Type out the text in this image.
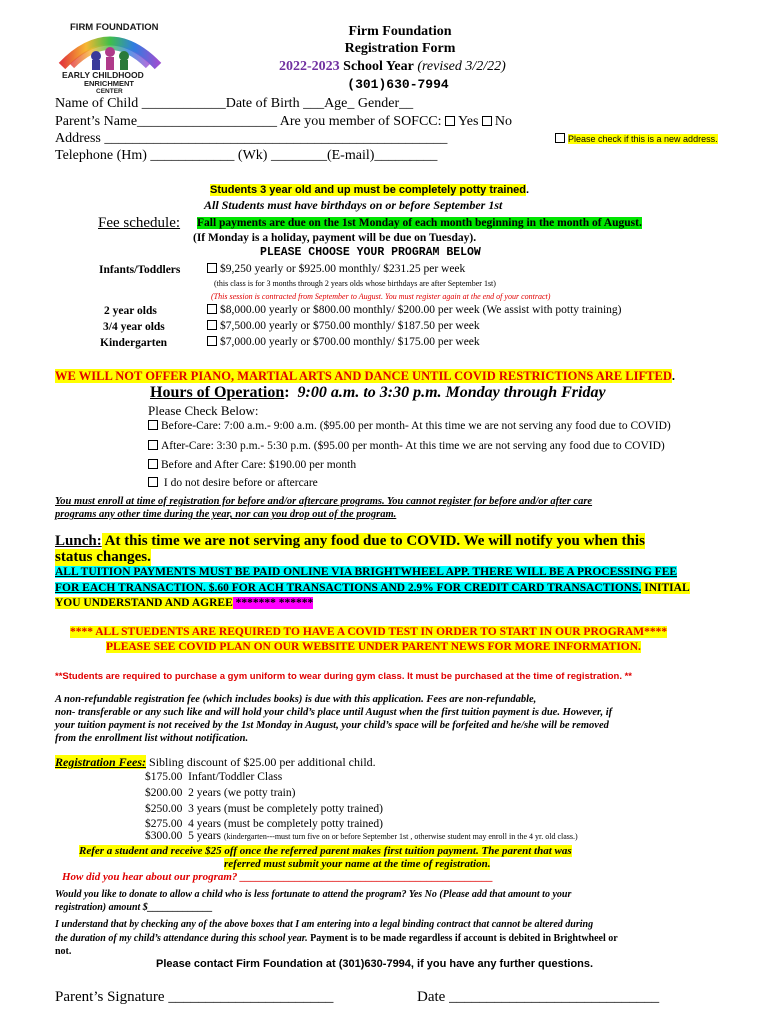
FIRM FOUNDATION
EARLY CHILDHOOD
ENRICHMENT
CENTER
Firm Foundation
Registration Form
2022-2023 School Year (revised 3/2/22)
(301)630-7994
Name of Child ____________Date of Birth ___Age_ Gender__
Parent’s Name____________________ Are you member of SOFCC: Yes No
Address _________________________________________________	Please check if this is a new address.
Telephone (Hm) ____________ (Wk) ________(E-mail)_________
Students 3 year old and up must be completely potty trained.
All Students must have birthdays on or before September 1st
Fee schedule: Fall payments are due on the 1st Monday of each month beginning in the month of August.
(If Monday is a holiday, payment will be due on Tuesday).
PLEASE CHOOSE YOUR PROGRAM BELOW
Infants/Toddlers	$9,250 yearly or $925.00 monthly/ $231.25 per week
(this class is for 3 months through 2 years olds whose birthdays are after September 1st)
(This session is contracted from September to August. You must register again at the end of your contract)
2 year olds	$8,000.00 yearly or $800.00 monthly/ $200.00 per week (We assist with potty training)
3/4 year olds	$7,500.00 yearly or $750.00 monthly/ $187.50 per week
Kindergarten	$7,000.00 yearly or $700.00 monthly/ $175.00 per week
WE WILL NOT OFFER PIANO, MARTIAL ARTS AND DANCE UNTIL COVID RESTRICTIONS ARE LIFTED.
Hours of Operation: 9:00 a.m. to 3:30 p.m. Monday through Friday
Please Check Below:
Before-Care: 7:00 a.m.- 9:00 a.m. ($95.00 per month- At this time we are not serving any food due to COVID)
After-Care: 3:30 p.m.- 5:30 p.m. ($95.00 per month- At this time we are not serving any food due to COVID)
Before and After Care: $190.00 per month
I do not desire before or aftercare
You must enroll at time of registration for before and/or aftercare programs. You cannot register for before and/or after care
programs any other time during the year, nor can you drop out of the program.
Lunch: At this time we are not serving any food due to COVID. We will notify you when this
status changes.
ALL TUITION PAYMENTS MUST BE PAID ONLINE VIA BRIGHTWHEEL APP. THERE WILL BE A PROCESSING FEE
FOR EACH TRANSACTION. $.60 FOR ACH TRANSACTIONS AND 2.9% FOR CREDIT CARD TRANSACTIONS. INITIAL
YOU UNDERSTAND AND AGREE ******* ******
**** ALL STUEDENTS ARE REQUIRED TO HAVE A COVID TEST IN ORDER TO START IN OUR PROGRAM****
PLEASE SEE COVID PLAN ON OUR WEBSITE UNDER PARENT NEWS FOR MORE INFORMATION.
**Students are required to purchase a gym uniform to wear during gym class. It must be purchased at the time of registration. **
A non-refundable registration fee (which includes books) is due with this application. Fees are non-refundable,
non- transferable or any such like and will hold your child’s place until August when the first tuition payment is due. However, if
your tuition payment is not received by the 1st Monday in August, your child’s space will be forfeited and he/she will be removed
from the enrollment list without notification.
Registration Fees: Sibling discount of $25.00 per additional child.
$175.00 Infant/Toddler Class
$200.00 2 years (we potty train)
$250.00 3 years (must be completely potty trained)
$275.00 4 years (must be completely potty trained)
$300.00 5 years (kindergarten---must turn five on or before September 1st , otherwise student may enroll in the 4 yr. old class.)
Refer a student and receive $25 off once the referred parent makes first tuition payment. The parent that was
referred must submit your name at the time of registration.
How did you hear about our program? ______________________________________________
Would you like to donate to allow a child who is less fortunate to attend the program? Yes No (Please add that amount to your
registration) amount $_____________
I understand that by checking any of the above boxes that I am entering into a legal binding contract that cannot be altered during
the duration of my child’s attendance during this school year. Payment is to be made regardless if account is debited in Brightwheel or
not.
Please contact Firm Foundation at (301)630-7994, if you have any further questions.
Parent’s Signature ______________________	Date ____________________________
